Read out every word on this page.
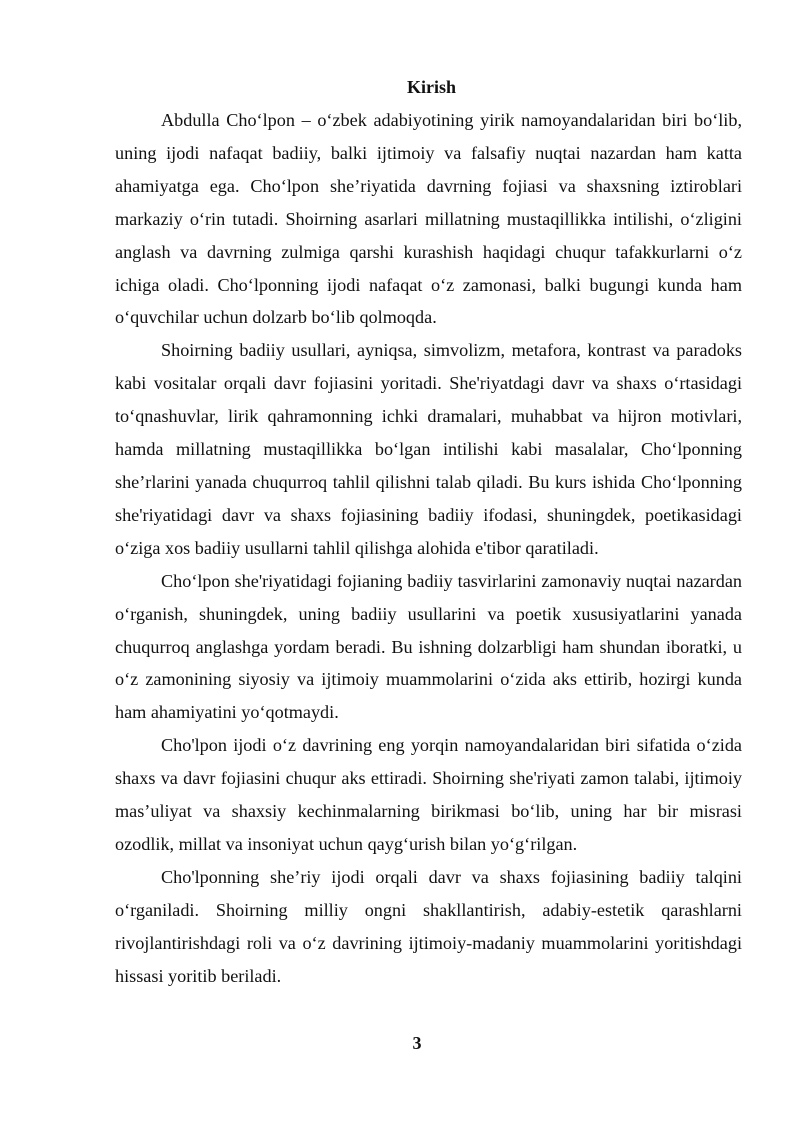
Kirish

Abdulla Cho‘lpon – o‘zbek adabiyotining yirik namoyandalaridan biri bo‘lib, uning ijodi nafaqat badiiy, balki ijtimoiy va falsafiy nuqtai nazardan ham katta ahamiyatga ega. Cho‘lpon she’riyatida davrning fojiasi va shaxsning iztiroblari markaziy o‘rin tutadi. Shoirning asarlari millatning mustaqillikka intilishi, o‘zligini anglash va davrning zulmiga qarshi kurashish haqidagi chuqur tafakkurlarni o‘z ichiga oladi. Cho‘lponning ijodi nafaqat o‘z zamonasi, balki bugungi kunda ham o‘quvchilar uchun dolzarb bo‘lib qolmoqda.

Shoirning badiiy usullari, ayniqsa, simvolizm, metafora, kontrast va paradoks kabi vositalar orqali davr fojiasini yoritadi. She'riyatdagi davr va shaxs o‘rtasidagi to‘qnashuvlar, lirik qahramonning ichki dramalari, muhabbat va hijron motivlari, hamda millatning mustaqillikka bo‘lgan intilishi kabi masalalar, Cho‘lponning she’rlarini yanada chuqurroq tahlil qilishni talab qiladi. Bu kurs ishida Cho‘lponning she'riyatidagi davr va shaxs fojiasining badiiy ifodasi, shuningdek, poetikasidagi o‘ziga xos badiiy usullarni tahlil qilishga alohida e'tibor qaratiladi.

Cho‘lpon she'riyatidagi fojianing badiiy tasvirlarini zamonaviy nuqtai nazardan o‘rganish, shuningdek, uning badiiy usullarini va poetik xususiyatlarini yanada chuqurroq anglashga yordam beradi. Bu ishning dolzarbligi ham shundan iboratki, u o‘z zamonining siyosiy va ijtimoiy muammolarini o‘zida aks ettirib, hozirgi kunda ham ahamiyatini yo‘qotmaydi.

Cho'lpon ijodi o‘z davrining eng yorqin namoyandalaridan biri sifatida o‘zida shaxs va davr fojiasini chuqur aks ettiradi. Shoirning she'riyati zamon talabi, ijtimoiy mas’uliyat va shaxsiy kechinmalarning birikmasi bo‘lib, uning har bir misrasi ozodlik, millat va insoniyat uchun qayg‘urish bilan yo‘g‘rilgan.

Cho'lponning she’riy ijodi orqali davr va shaxs fojiasining badiiy talqini o‘rganiladi. Shoirning milliy ongni shakllantirish, adabiy-estetik qarashlarni rivojlantirishdagi roli va o‘z davrining ijtimoiy-madaniy muammolarini yoritishdagi hissasi yoritib beriladi.

3
